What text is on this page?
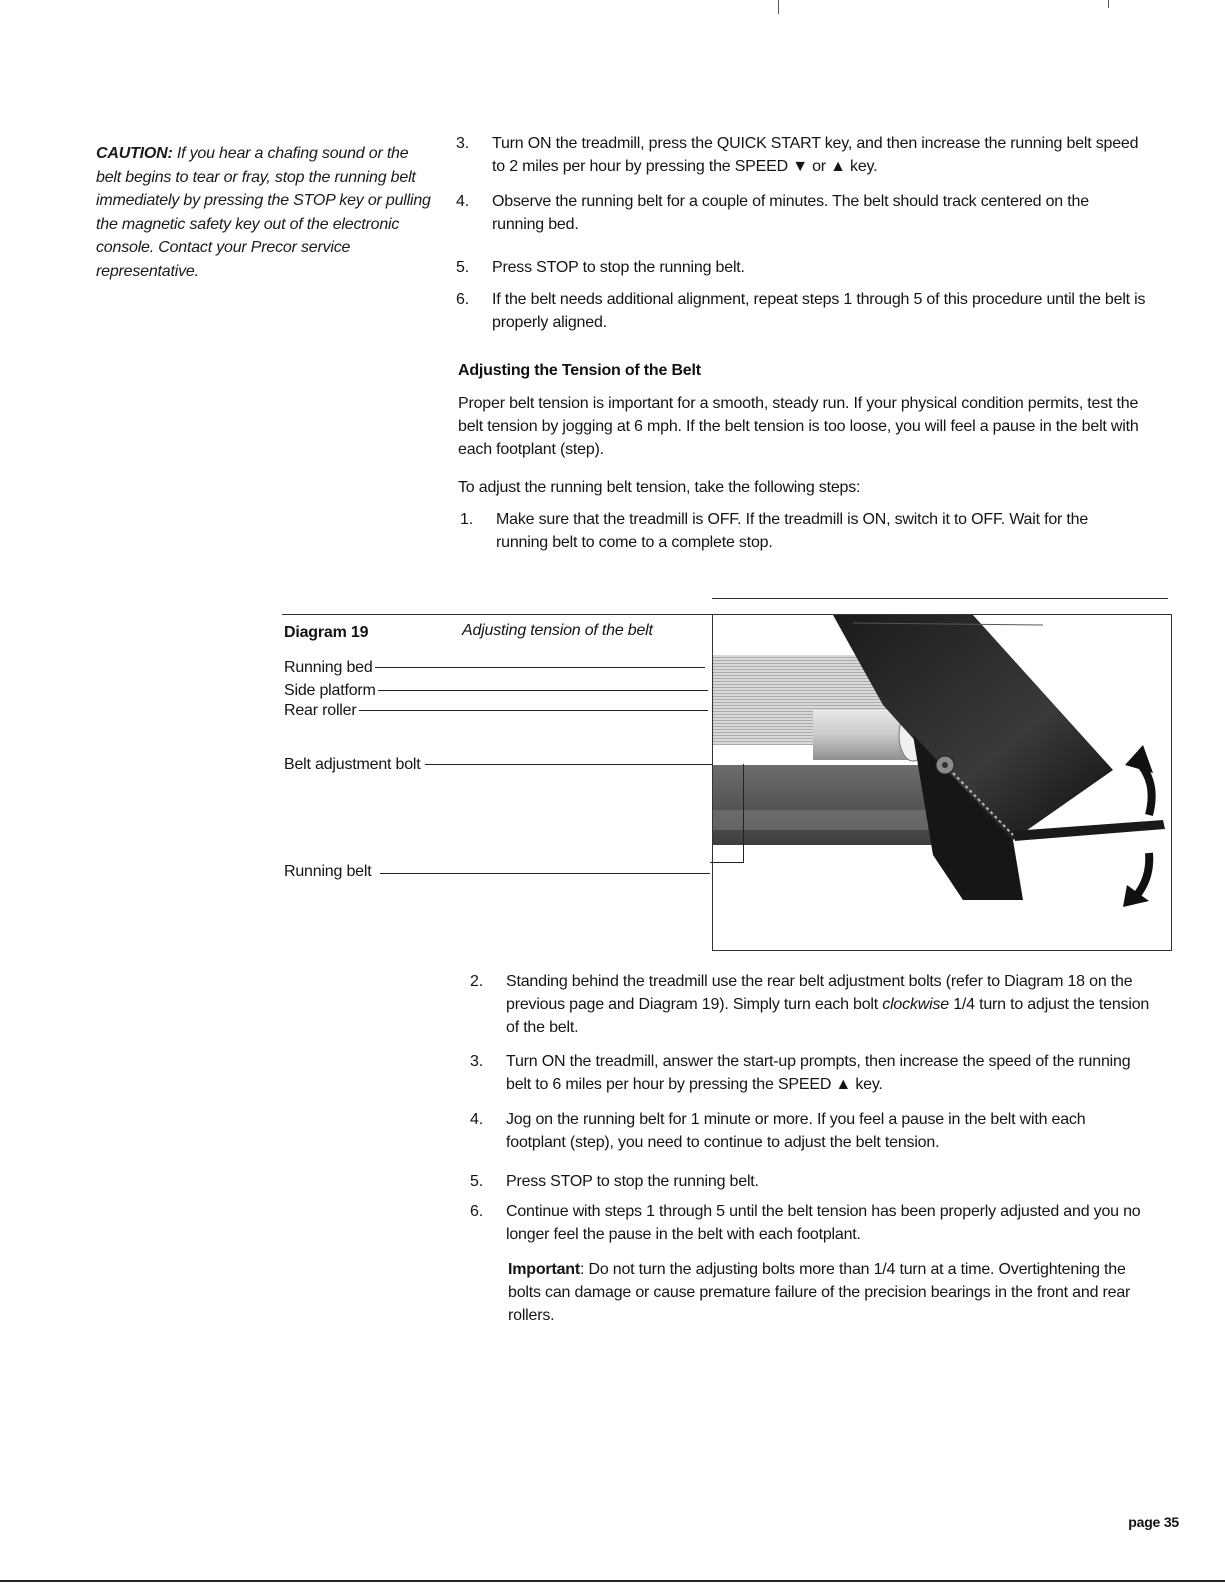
CAUTION: If you hear a chafing sound or the belt begins to tear or fray, stop the running belt immediately by pressing the STOP key or pulling the magnetic safety key out of the electronic console. Contact your Precor service representative.
3.	Turn ON the treadmill, press the QUICK START key, and then increase the running belt speed to 2 miles per hour by pressing the SPEED ▼ or ▲ key.
4.	Observe the running belt for a couple of minutes. The belt should track centered on the running bed.
5.	Press STOP to stop the running belt.
6.	If the belt needs additional alignment, repeat steps 1 through 5 of this procedure until the belt is properly aligned.
Adjusting the Tension of the Belt
Proper belt tension is important for a smooth, steady run. If your physical condition permits, test the belt tension by jogging at 6 mph. If the belt tension is too loose, you will feel a pause in the belt with each footplant (step).
To adjust the running belt tension, take the following steps:
1.	Make sure that the treadmill is OFF. If the treadmill is ON, switch it to OFF. Wait for the running belt to come to a complete stop.
Diagram 19	Adjusting tension of the belt
Running bed
Side platform
Rear roller
Belt adjustment bolt
Running belt
2.	Standing behind the treadmill use the rear belt adjustment bolts (refer to Diagram 18 on the previous page and Diagram 19). Simply turn each bolt clockwise 1/4 turn to adjust the tension of the belt.
3.	Turn ON the treadmill, answer the start-up prompts, then increase the speed of the running belt to 6 miles per hour by pressing the SPEED ▲ key.
4.	Jog on the running belt for 1 minute or more. If you feel a pause in the belt with each footplant (step), you need to continue to adjust the belt tension.
5.	Press STOP to stop the running belt.
6.	Continue with steps 1 through 5 until the belt tension has been properly adjusted and you no longer feel the pause in the belt with each footplant.
Important: Do not turn the adjusting bolts more than 1/4 turn at a time. Overtightening the bolts can damage or cause premature failure of the precision bearings in the front and rear rollers.
page 35
